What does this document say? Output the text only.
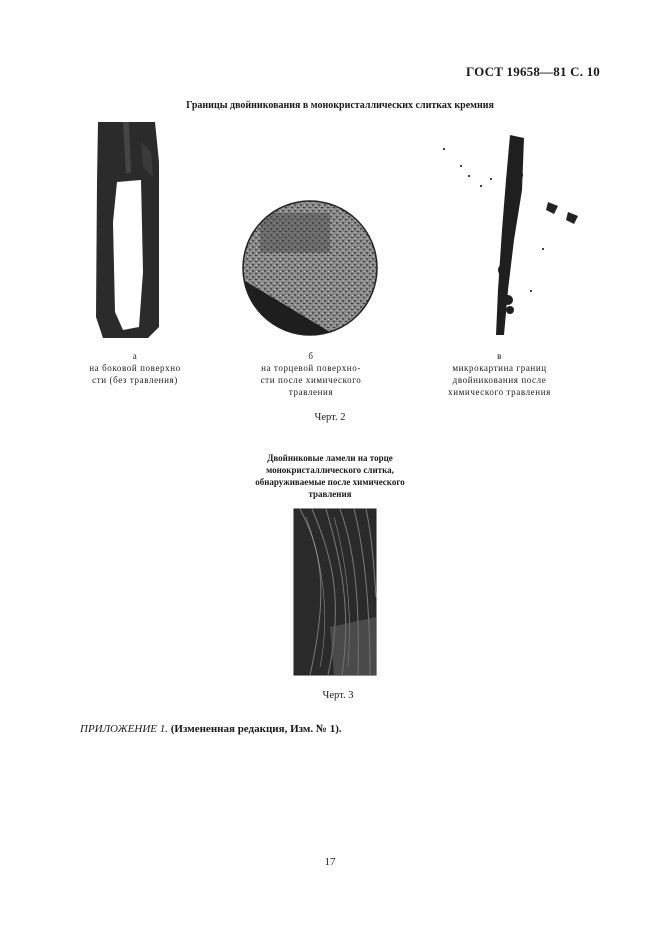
ГОСТ 19658—81 С. 10
Границы двойникования в монокристаллических слитках кремния
а
на боковой поверхно
сти (без травления)
б
на торцевой поверхно-
сти после химического
травления
в
микрокартина границ
двойникования после
химического травления
Черт. 2
Двойниковые ламели на торце
монокристаллического слитка,
обнаруживаемые после химического
травления
Черт. 3
ПРИЛОЖЕНИЕ 1. (Измененная редакция, Изм. № 1).
17
